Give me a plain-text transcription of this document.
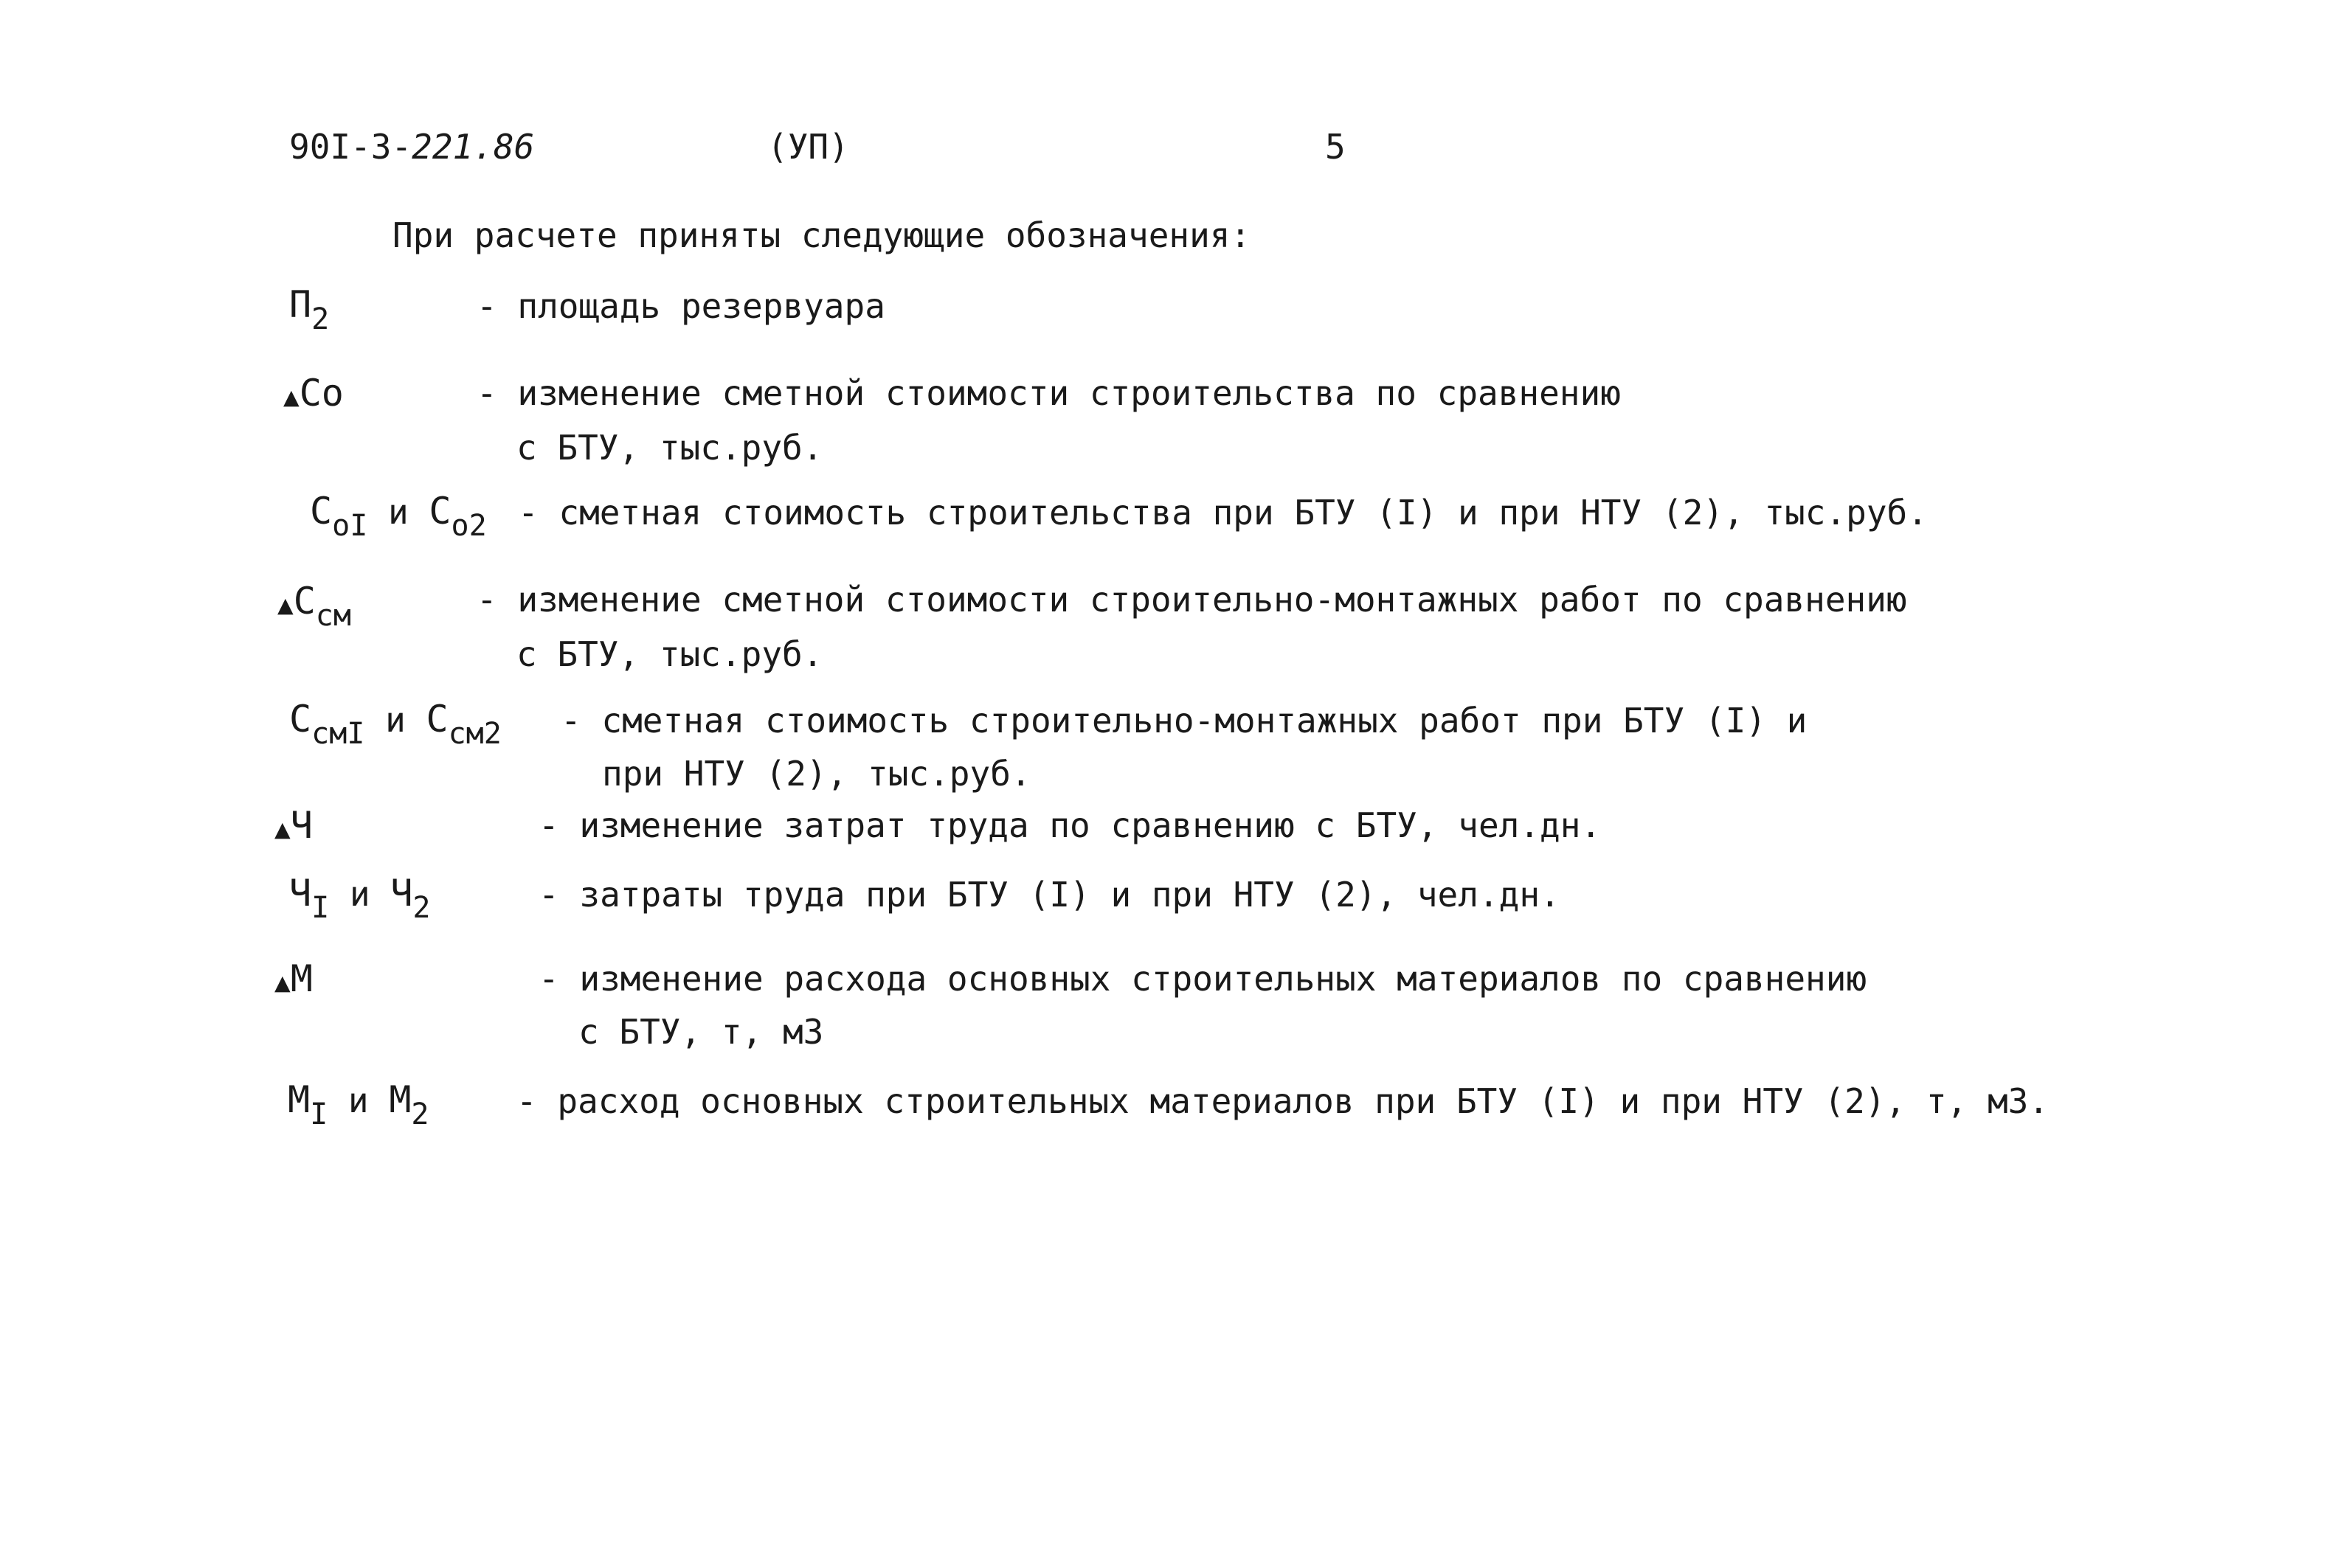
90I-3-221.86	(УП)	5
При расчете приняты следующие обозначения:
П2	- площадь резервуара
▲Co	- изменение сметной стоимости строительства по сравнению
с БТУ, тыс.руб.
CoI и Co2 - сметная стоимость строительства при БТУ (I) и при НТУ (2), тыс.руб.
▲Cсм	- изменение сметной стоимости строительно-монтажных работ по сравнению
с БТУ, тыс.руб.
CсмI и Cсм2 - сметная стоимость строительно-монтажных работ при БТУ (I) и
при НТУ (2), тыс.руб.
▲Ч	- изменение затрат труда по сравнению с БТУ, чел.дн.
ЧI и Ч2	- затраты труда при БТУ (I) и при НТУ (2), чел.дн.
▲М	- изменение расхода основных строительных материалов по сравнению
с БТУ, т, м3
МI и М2	- расход основных строительных материалов при БТУ (I) и при НТУ (2), т, м3.
